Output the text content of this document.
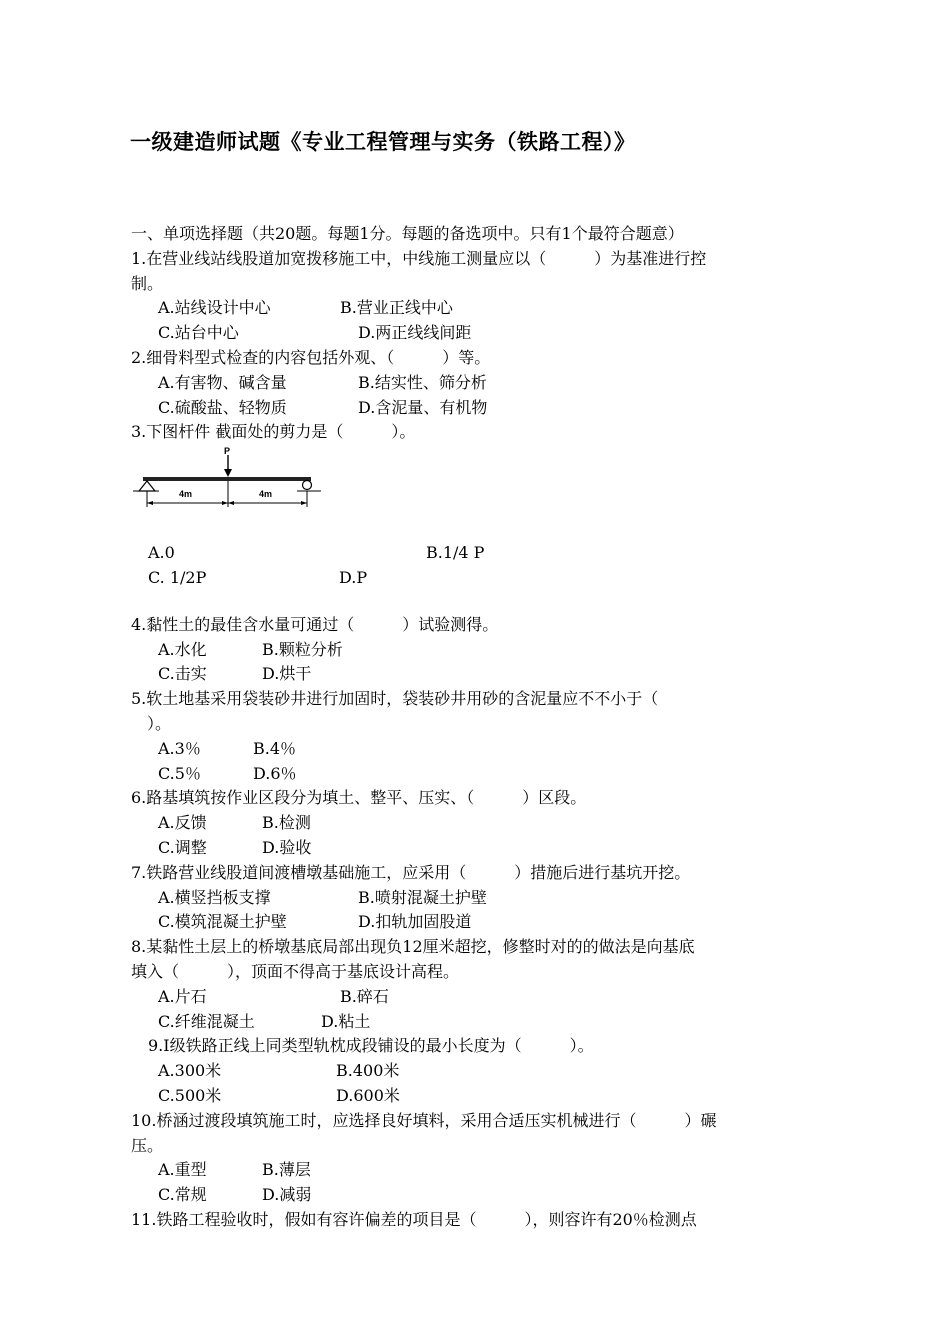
一级建造师试题《专业工程管理与实务（铁路工程）》
一、单项选择题（共20题。每题1分。每题的备选项中。只有1个最符合题意）
1.在营业线站线股道加宽拨移施工中，中线施工测量应以（　　　）为基准进行控
制。
A.站线设计中心	B.营业正线中心
C.站台中心	D.两正线线间距
2.细骨料型式检查的内容包括外观、（　　　）等。
A.有害物、碱含量	B.结实性、筛分析
C.硫酸盐、轻物质	D.含泥量、有机物
3.下图杆件 截面处的剪力是（　　　）。
P
4m	4m
A.0	B.1/4 P
C. 1/2P	D.P
4.黏性土的最佳含水量可通过（　　　）试验测得。
A.水化	B.颗粒分析
C.击实	D.烘干
5.软土地基采用袋装砂井进行加固时，袋装砂井用砂的含泥量应不不小于（
　）。
A.3％	B.4％
C.5％	D.6％
6.路基填筑按作业区段分为填土、整平、压实、（　　　）区段。
A.反馈	B.检测
C.调整	D.验收
7.铁路营业线股道间渡槽墩基础施工，应采用（　　　）措施后进行基坑开挖。
A.横竖挡板支撑	B.喷射混凝土护壁
C.模筑混凝土护壁	D.扣轨加固股道
8.某黏性土层上的桥墩基底局部出现负12厘米超挖，修整时对的的做法是向基底
填入（　　　），顶面不得高于基底设计高程。
A.片石	B.碎石
C.纤维混凝土	D.粘土
9.Ⅰ级铁路正线上同类型轨枕成段铺设的最小长度为（　　　）。
A.300米	B.400米
C.500米	D.600米
10.桥涵过渡段填筑施工时，应选择良好填料，采用合适压实机械进行（　　　）碾
压。
A.重型	B.薄层
C.常规	D.减弱
11.铁路工程验收时，假如有容许偏差的项目是（　　　），则容许有20％检测点
